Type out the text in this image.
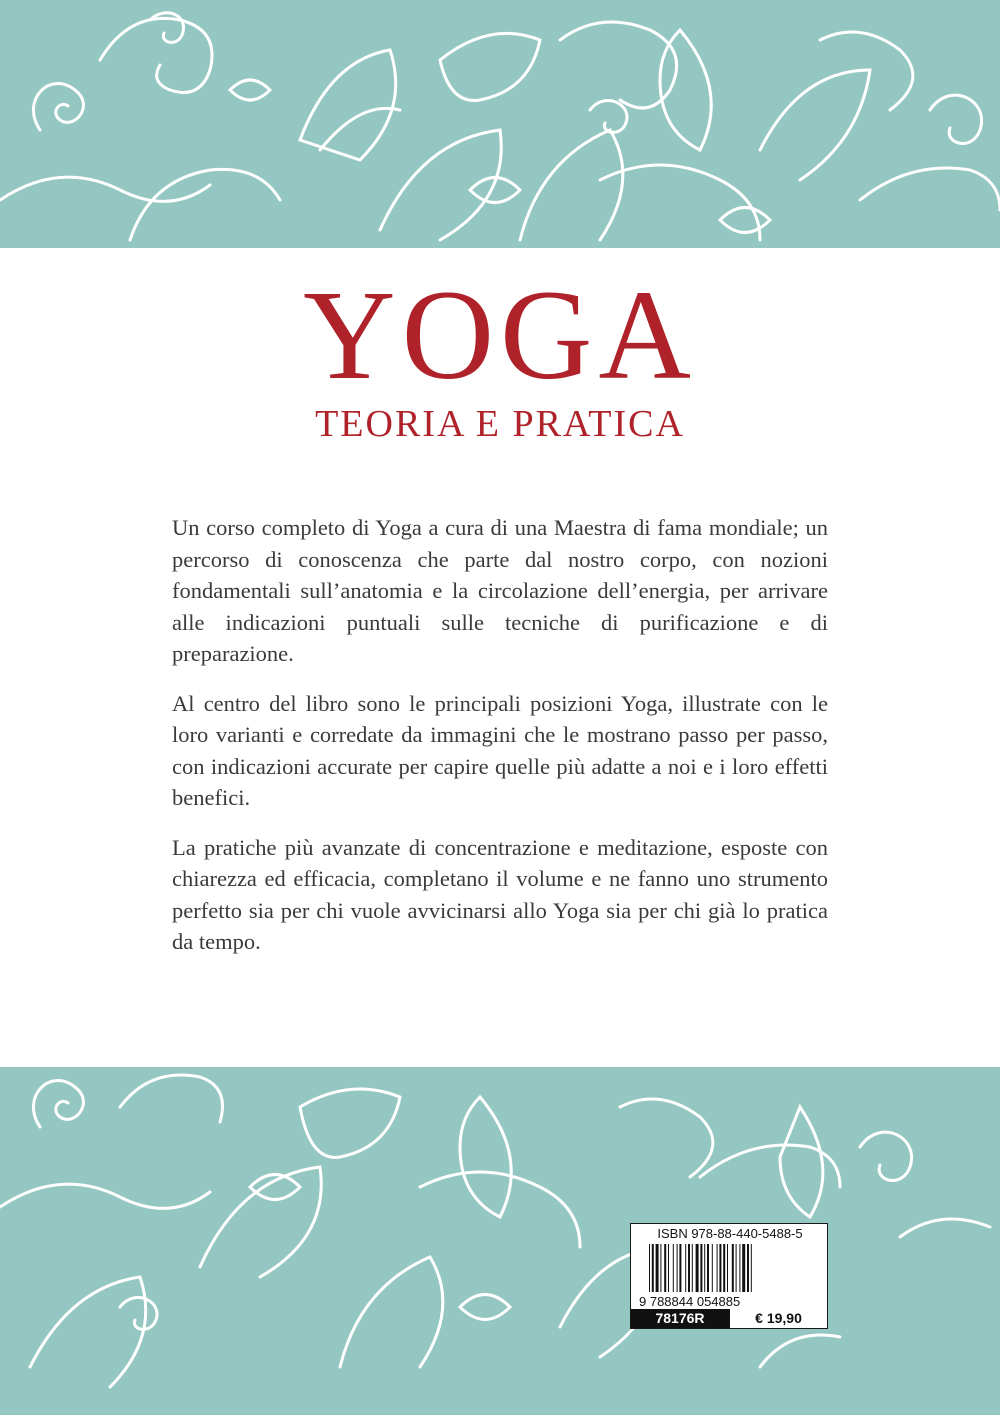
YOGA
TEORIA E PRATICA

Un corso completo di Yoga a cura di una Maestra di fama mondiale; un percorso di conoscenza che parte dal nostro corpo, con nozioni fondamentali sull’anatomia e la circolazione dell’energia, per arrivare alle indicazioni puntuali sulle tecniche di purificazione e di preparazione.

Al centro del libro sono le principali posizioni Yoga, illustrate con le loro varianti e corredate da immagini che le mostrano passo per passo, con indicazioni accurate per capire quelle più adatte a noi e i loro effetti benefici.

La pratiche più avanzate di concentrazione e meditazione, esposte con chiarezza ed efficacia, completano il volume e ne fanno uno strumento perfetto sia per chi vuole avvicinarsi allo Yoga sia per chi già lo pratica da tempo.

ISBN 978-88-440-5488-5
9 788844 054885
78176R	€ 19,90
